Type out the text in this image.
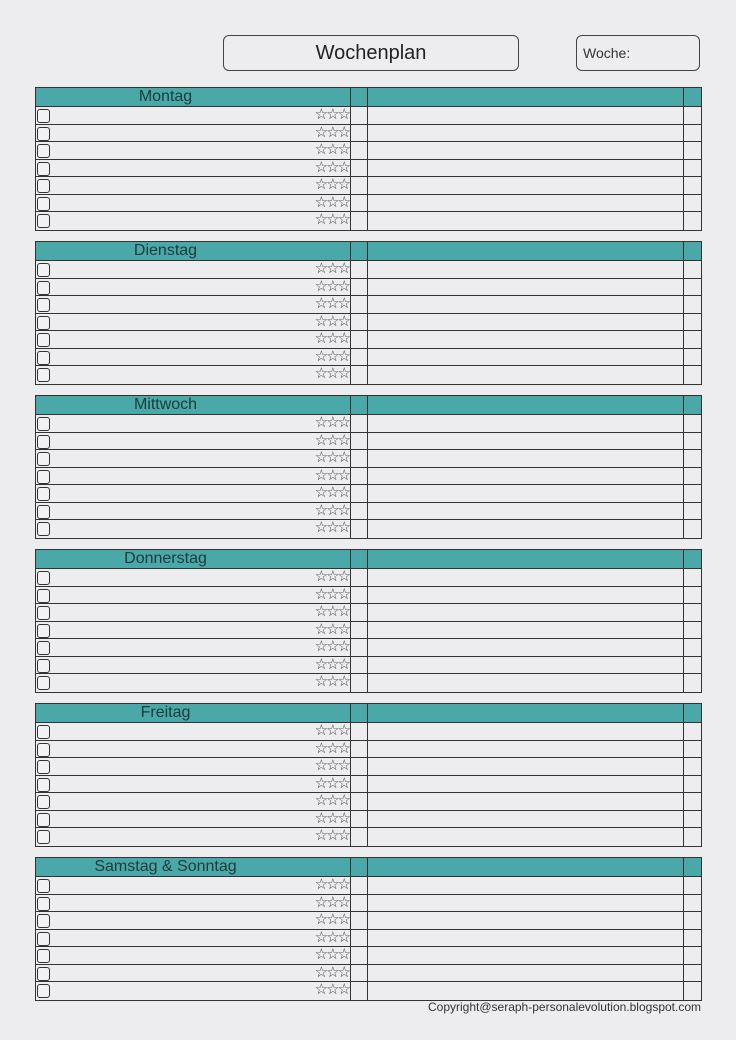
Wochenplan	Woche:
Montag
☆☆☆
☆☆☆
☆☆☆
☆☆☆
☆☆☆
☆☆☆
☆☆☆
Dienstag
☆☆☆
☆☆☆
☆☆☆
☆☆☆
☆☆☆
☆☆☆
☆☆☆
Mittwoch
☆☆☆
☆☆☆
☆☆☆
☆☆☆
☆☆☆
☆☆☆
☆☆☆
Donnerstag
☆☆☆
☆☆☆
☆☆☆
☆☆☆
☆☆☆
☆☆☆
☆☆☆
Freitag
☆☆☆
☆☆☆
☆☆☆
☆☆☆
☆☆☆
☆☆☆
☆☆☆
Samstag & Sonntag
☆☆☆
☆☆☆
☆☆☆
☆☆☆
☆☆☆
☆☆☆
☆☆☆
Copyright@seraph-personalevolution.blogspot.com
